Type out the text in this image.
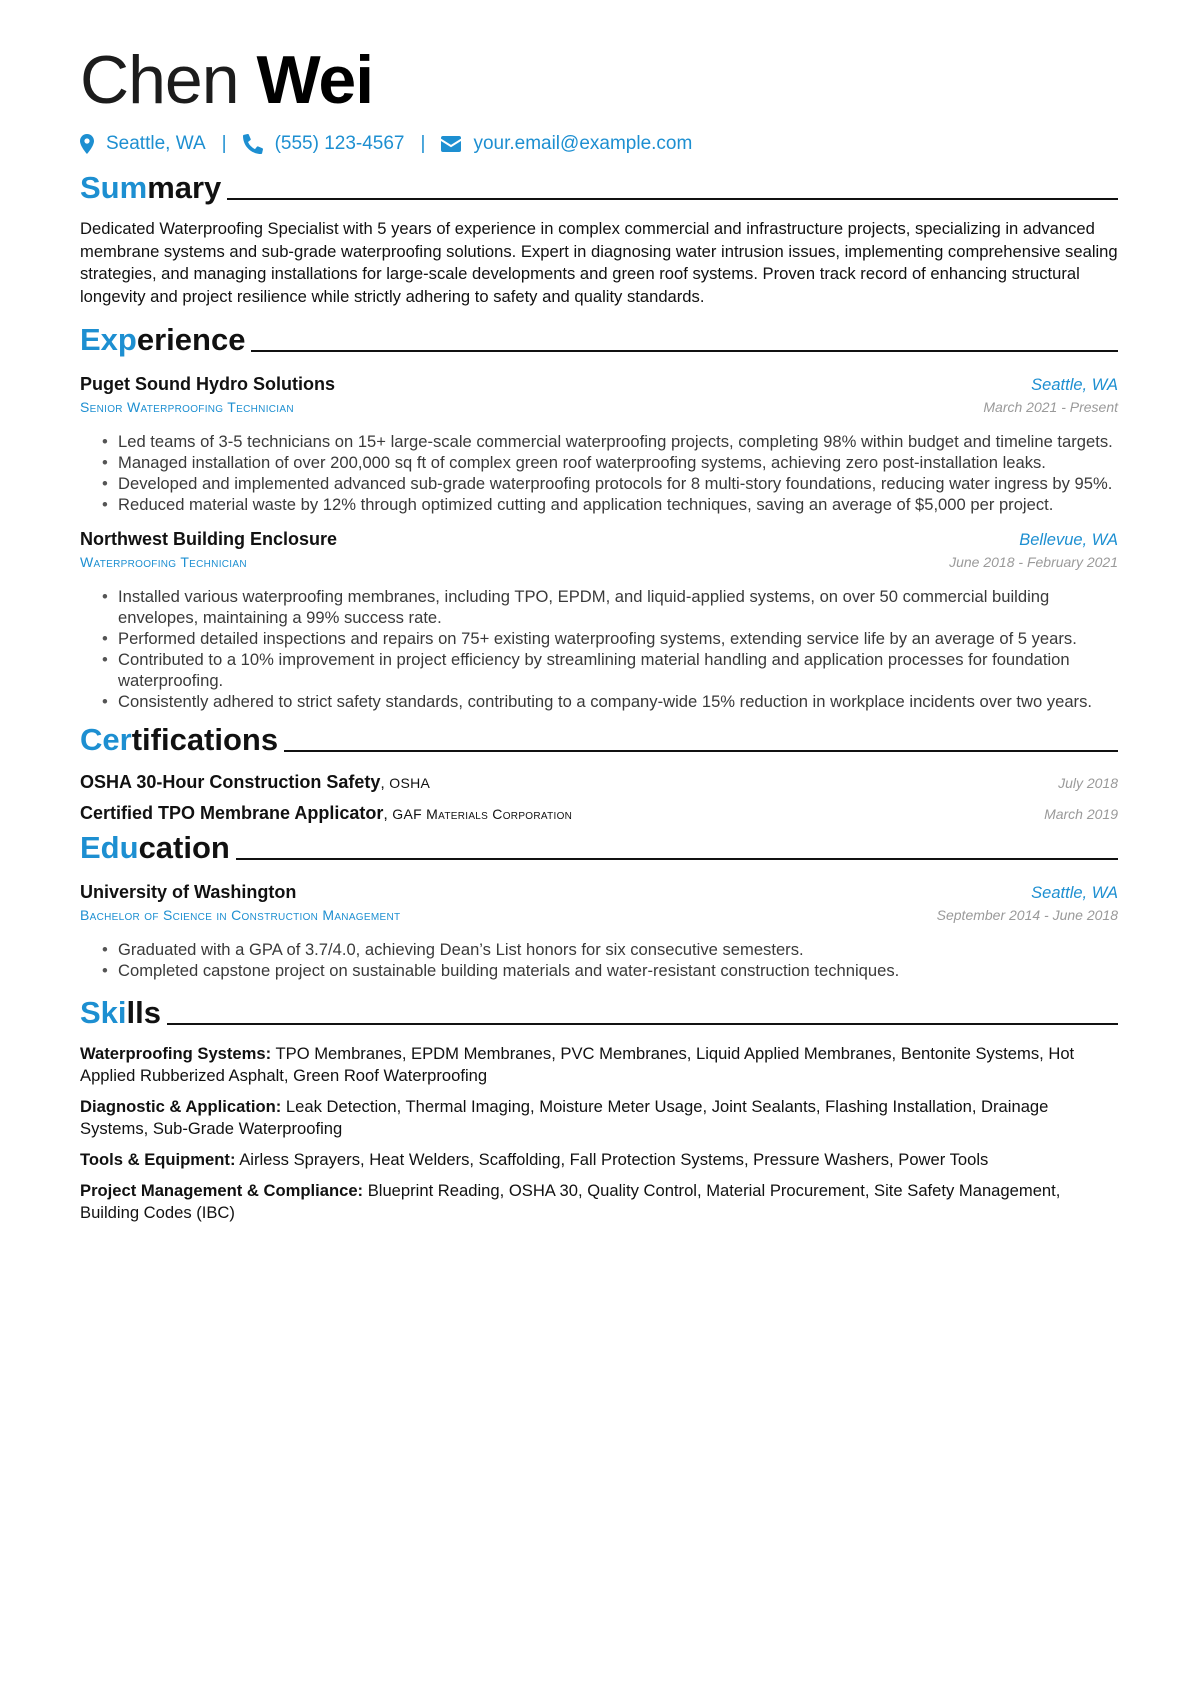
Chen Wei
Seattle, WA |	(555) 123-4567 |	your.email@example.com
Summary
Dedicated Waterproofing Specialist with 5 years of experience in complex commercial and infrastructure projects, specializing in advanced membrane systems and sub-grade waterproofing solutions. Expert in diagnosing water intrusion issues, implementing comprehensive sealing strategies, and managing installations for large-scale developments and green roof systems. Proven track record of enhancing structural longevity and project resilience while strictly adhering to safety and quality standards.
Experience
Puget Sound Hydro Solutions	Seattle, WA
Senior Waterproofing Technician	March 2021 - Present
• Led teams of 3-5 technicians on 15+ large-scale commercial waterproofing projects, completing 98% within budget and timeline targets.
• Managed installation of over 200,000 sq ft of complex green roof waterproofing systems, achieving zero post-installation leaks.
• Developed and implemented advanced sub-grade waterproofing protocols for 8 multi-story foundations, reducing water ingress by 95%.
• Reduced material waste by 12% through optimized cutting and application techniques, saving an average of $5,000 per project.
Northwest Building Enclosure	Bellevue, WA
Waterproofing Technician	June 2018 - February 2021
• Installed various waterproofing membranes, including TPO, EPDM, and liquid-applied systems, on over 50 commercial building envelopes, maintaining a 99% success rate.
• Performed detailed inspections and repairs on 75+ existing waterproofing systems, extending service life by an average of 5 years.
• Contributed to a 10% improvement in project efficiency by streamlining material handling and application processes for foundation waterproofing.
• Consistently adhered to strict safety standards, contributing to a company-wide 15% reduction in workplace incidents over two years.
Certifications
OSHA 30-Hour Construction Safety, OSHA	July 2018
Certified TPO Membrane Applicator, GAF Materials Corporation	March 2019
Education
University of Washington	Seattle, WA
Bachelor of Science in Construction Management	September 2014 - June 2018
• Graduated with a GPA of 3.7/4.0, achieving Dean’s List honors for six consecutive semesters.
• Completed capstone project on sustainable building materials and water-resistant construction techniques.
Skills
Waterproofing Systems: TPO Membranes, EPDM Membranes, PVC Membranes, Liquid Applied Membranes, Bentonite Systems, Hot Applied Rubberized Asphalt, Green Roof Waterproofing
Diagnostic & Application: Leak Detection, Thermal Imaging, Moisture Meter Usage, Joint Sealants, Flashing Installation, Drainage Systems, Sub-Grade Waterproofing
Tools & Equipment: Airless Sprayers, Heat Welders, Scaffolding, Fall Protection Systems, Pressure Washers, Power Tools
Project Management & Compliance: Blueprint Reading, OSHA 30, Quality Control, Material Procurement, Site Safety Management, Building Codes (IBC)
